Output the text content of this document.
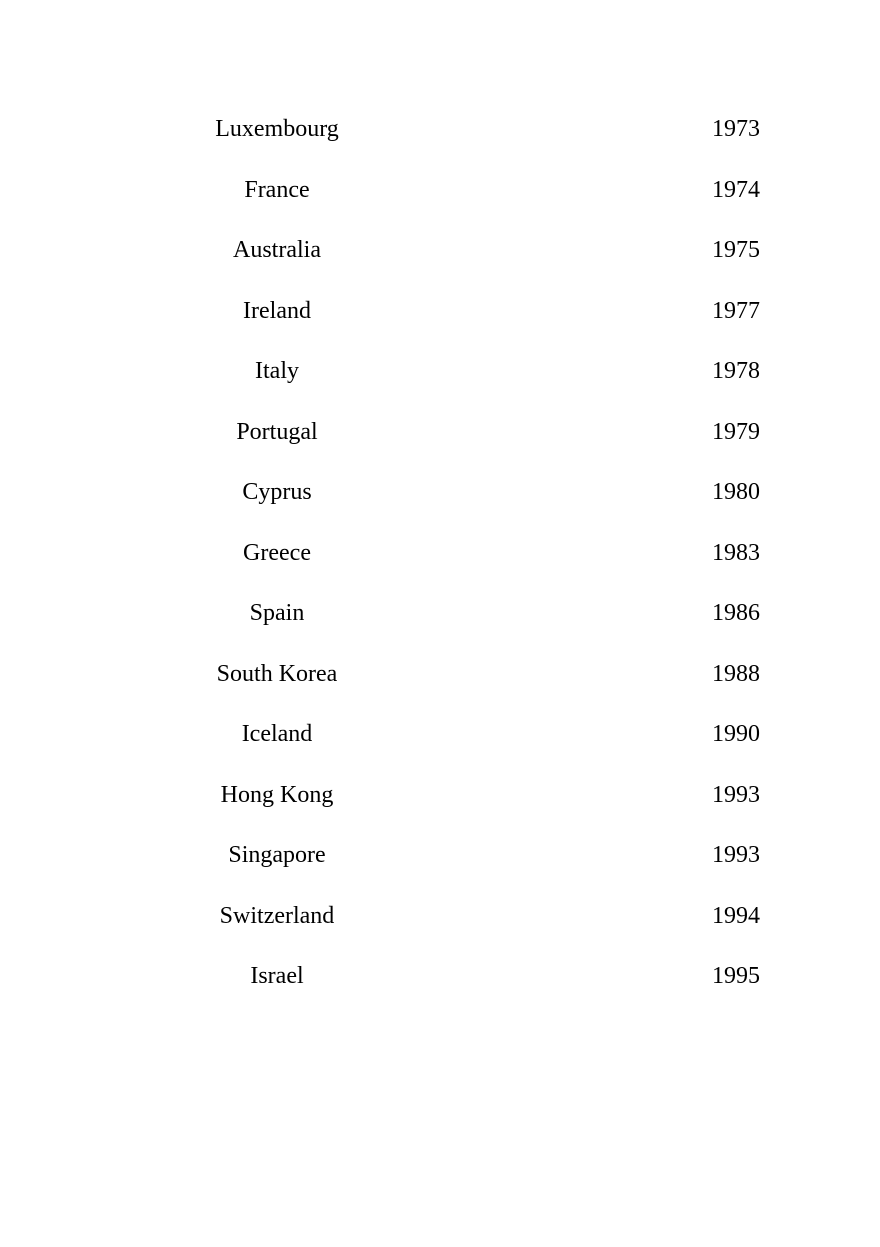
Luxembourg	1973
France	1974
Australia	1975
Ireland	1977
Italy	1978
Portugal	1979
Cyprus	1980
Greece	1983
Spain	1986
South Korea	1988
Iceland	1990
Hong Kong	1993
Singapore	1993
Switzerland	1994
Israel	1995
